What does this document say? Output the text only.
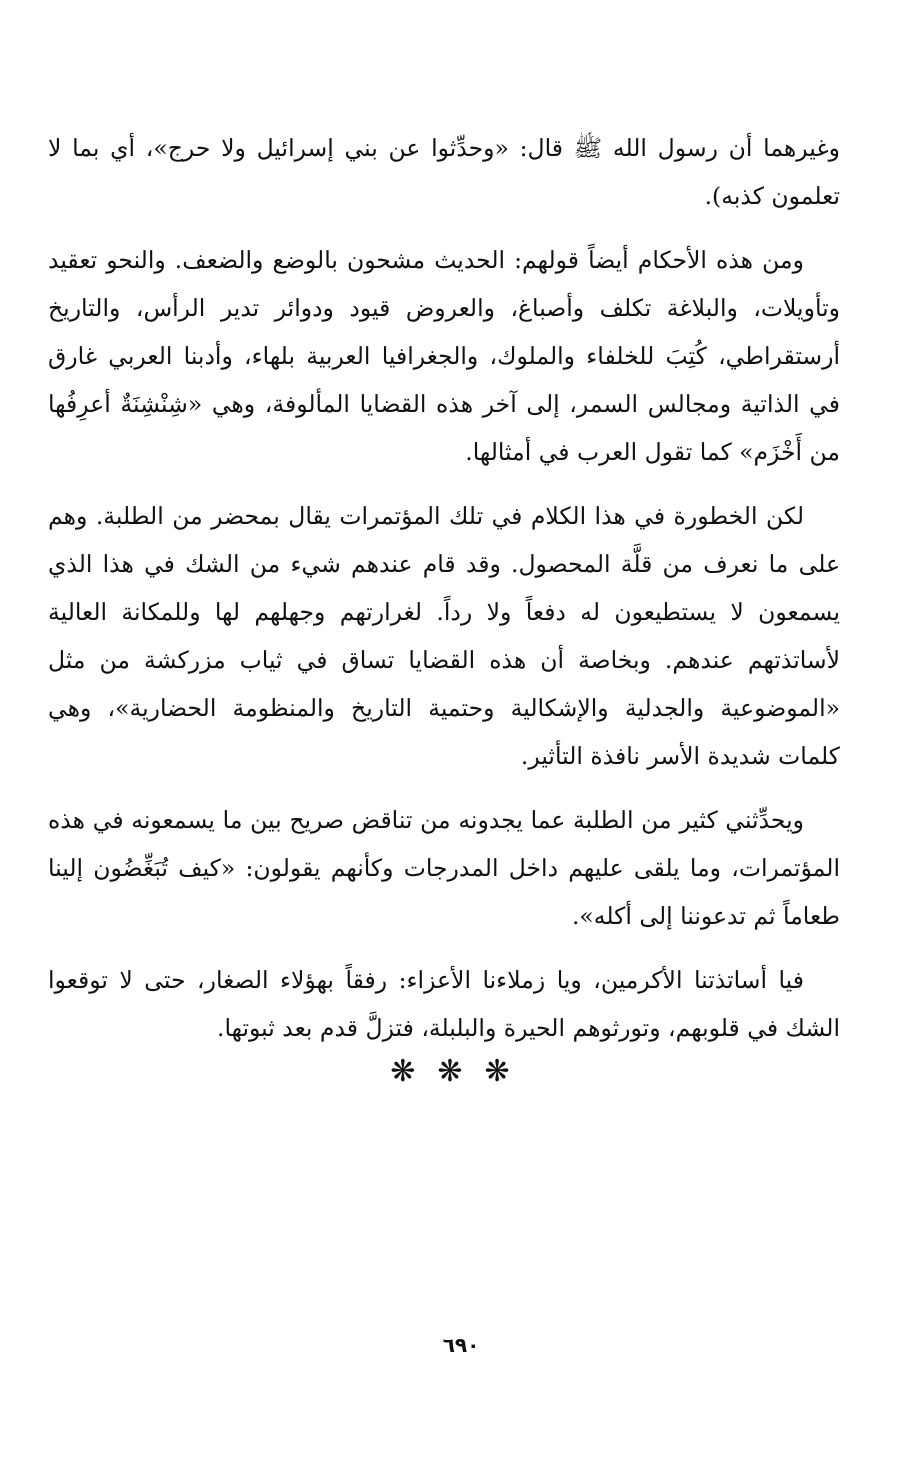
وغيرهما أن رسول الله ﷺ قال: «وحدِّثوا عن بني إسرائيل ولا حرج»، أي بما لا تعلمون كذبه).

ومن هذه الأحكام أيضاً قولهم: الحديث مشحون بالوضع والضعف. والنحو تعقيد وتأويلات، والبلاغة تكلف وأصباغ، والعروض قيود ودوائر تدير الرأس، والتاريخ أرستقراطي، كُتِبَ للخلفاء والملوك، والجغرافيا العربية بلهاء، وأدبنا العربي غارق في الذاتية ومجالس السمر، إلى آخر هذه القضايا المألوفة، وهي «شِنْشِنَةٌ أعرِفُها من أَخْزَم» كما تقول العرب في أمثالها.

لكن الخطورة في هذا الكلام في تلك المؤتمرات يقال بمحضر من الطلبة. وهم على ما نعرف من قلَّة المحصول. وقد قام عندهم شيء من الشك في هذا الذي يسمعون لا يستطيعون له دفعاً ولا رداً. لغرارتهم وجهلهم لها وللمكانة العالية لأساتذتهم عندهم. وبخاصة أن هذه القضايا تساق في ثياب مزركشة من مثل «الموضوعية والجدلية والإشكالية وحتمية التاريخ والمنظومة الحضارية»، وهي كلمات شديدة الأسر نافذة التأثير.

ويحدِّثني كثير من الطلبة عما يجدونه من تناقض صريح بين ما يسمعونه في هذه المؤتمرات، وما يلقى عليهم داخل المدرجات وكأنهم يقولون: «كيف تُبَغِّضُون إلينا طعاماً ثم تدعوننا إلى أكله».

فيا أساتذتنا الأكرمين، ويا زملاءنا الأعزاء: رفقاً بهؤلاء الصغار، حتى لا توقعوا الشك في قلوبهم، وتورثوهم الحيرة والبلبلة، فتزلَّ قدم بعد ثبوتها.

❋❋❋
٦٩٠
